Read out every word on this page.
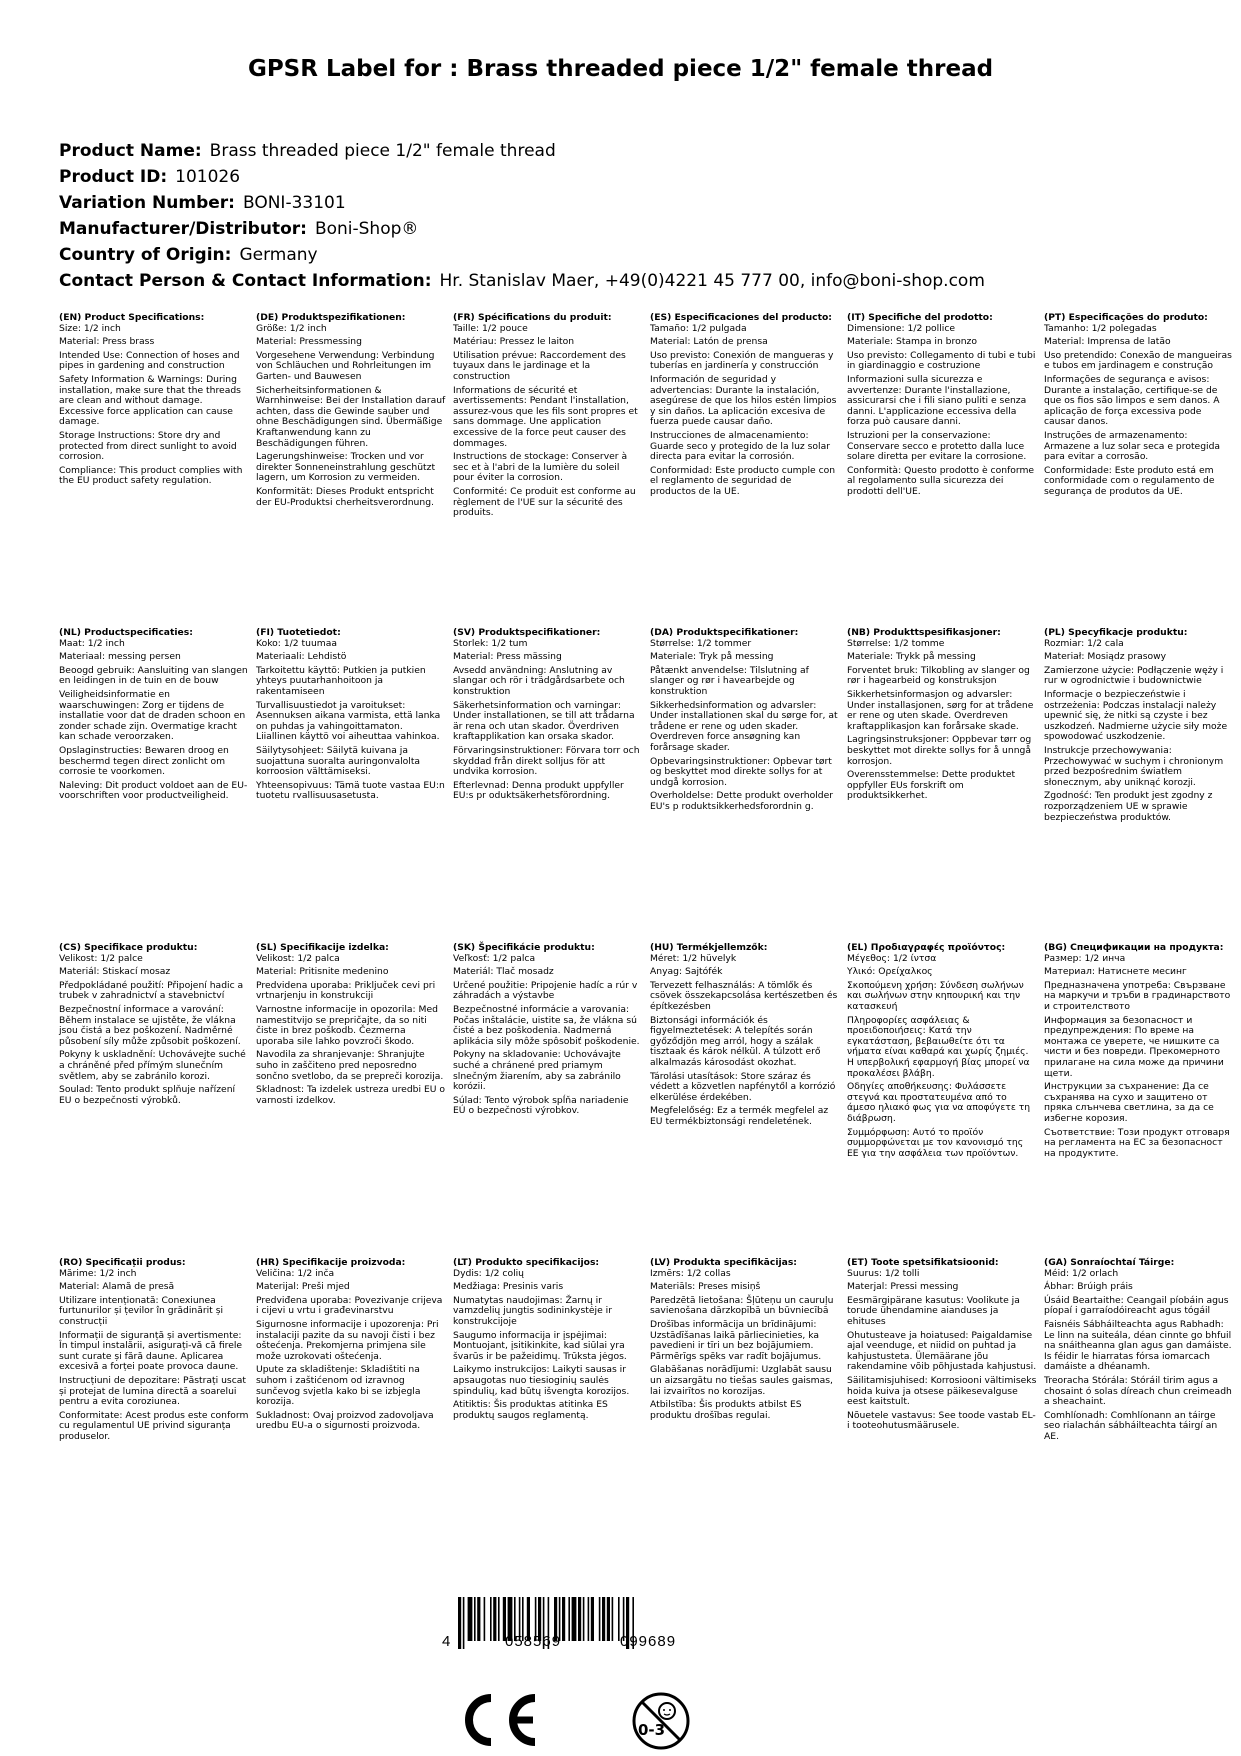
GPSR Label for : Brass threaded piece 1/2" female thread
Product Name: Brass threaded piece 1/2" female thread
Product ID: 101026
Variation Number: BONI-33101
Manufacturer/Distributor: Boni-Shop®
Country of Origin: Germany
Contact Person & Contact Information: Hr. Stanislav Maer, +49(0)4221 45 777 00, info@boni-shop.com
(EN) Product Specifications:
Size: 1/2 inch
Material: Press brass
Intended Use: Connection of hoses and pipes in gardening and construction
Safety Information & Warnings: During installation, make sure that the threads are clean and without damage. Excessive force application can cause damage.
Storage Instructions: Store dry and protected from direct sunlight to avoid corrosion.
Compliance: This product complies with the EU product safety regulation.
(DE) Produktspezifikationen:
Größe: 1/2 inch
Material: Pressmessing
Vorgesehene Verwendung: Verbindung von Schläuchen und Rohrleitungen im Garten- und Bauwesen
Sicherheitsinformationen & Warnhinweise: Bei der Installation darauf achten, dass die Gewinde sauber und ohne Beschädigungen sind. Übermäßige Kraftanwendung kann zu Beschädigungen führen.
Lagerungshinweise: Trocken und vor direkter Sonneneinstrahlung geschützt lagern, um Korrosion zu vermeiden.
Konformität: Dieses Produkt entspricht der EU-Produktsi cherheitsverordnung.
(FR) Spécifications du produit:
Taille: 1/2 pouce
Matériau: Pressez le laiton
Utilisation prévue: Raccordement des tuyaux dans le jardinage et la construction
Informations de sécurité et avertissements: Pendant l'installation, assurez-vous que les fils sont propres et sans dommage. Une application excessive de la force peut causer des dommages.
Instructions de stockage: Conserver à sec et à l'abri de la lumière du soleil pour éviter la corrosion.
Conformité: Ce produit est conforme au règlement de l'UE sur la sécurité des produits.
(ES) Especificaciones del producto:
Tamaño: 1/2 pulgada
Material: Latón de prensa
Uso previsto: Conexión de mangueras y tuberías en jardinería y construcción
Información de seguridad y advertencias: Durante la instalación, asegúrese de que los hilos estén limpios y sin daños. La aplicación excesiva de fuerza puede causar daño.
Instrucciones de almacenamiento: Guarde seco y protegido de la luz solar directa para evitar la corrosión.
Conformidad: Este producto cumple con el reglamento de seguridad de productos de la UE.
(IT) Specifiche del prodotto:
Dimensione: 1/2 pollice
Materiale: Stampa in bronzo
Uso previsto: Collegamento di tubi e tubi in giardinaggio e costruzione
Informazioni sulla sicurezza e avvertenze: Durante l'installazione, assicurarsi che i fili siano puliti e senza danni. L'applicazione eccessiva della forza può causare danni.
Istruzioni per la conservazione: Conservare secco e protetto dalla luce solare diretta per evitare la corrosione.
Conformità: Questo prodotto è conforme al regolamento sulla sicurezza dei prodotti dell'UE.
(PT) Especificações do produto:
Tamanho: 1/2 polegadas
Material: Imprensa de latão
Uso pretendido: Conexão de mangueiras e tubos em jardinagem e construção
Informações de segurança e avisos: Durante a instalação, certifique-se de que os fios são limpos e sem danos. A aplicação de força excessiva pode causar danos.
Instruções de armazenamento: Armazene a luz solar seca e protegida para evitar a corrosão.
Conformidade: Este produto está em conformidade com o regulamento de segurança de produtos da UE.
(NL) Productspecificaties:
Maat: 1/2 inch
Materiaal: messing persen
Beoogd gebruik: Aansluiting van slangen en leidingen in de tuin en de bouw
Veiligheidsinformatie en waarschuwingen: Zorg er tijdens de installatie voor dat de draden schoon en zonder schade zijn. Overmatige kracht kan schade veroorzaken.
Opslaginstructies: Bewaren droog en beschermd tegen direct zonlicht om corrosie te voorkomen.
Naleving: Dit product voldoet aan de EU-voorschriften voor productveiligheid.
(FI) Tuotetiedot:
Koko: 1/2 tuumaa
Materiaali: Lehdistö
Tarkoitettu käyttö: Putkien ja putkien yhteys puutarhanhoitoon ja rakentamiseen
Turvallisuustiedot ja varoitukset: Asennuksen aikana varmista, että lanka on puhdas ja vahingoittamaton. Liiallinen käyttö voi aiheuttaa vahinkoa.
Säilytysohjeet: Säilytä kuivana ja suojattuna suoralta auringonvalolta korroosion välttämiseksi.
Yhteensopivuus: Tämä tuote vastaa EU:n tuotetu rvallisuusasetusta.
(SV) Produktspecifikationer:
Storlek: 1/2 tum
Material: Press mässing
Avsedd användning: Anslutning av slangar och rör i trädgårdsarbete och konstruktion
Säkerhetsinformation och varningar: Under installationen, se till att trådarna är rena och utan skador. Överdriven kraftapplikation kan orsaka skador.
Förvaringsinstruktioner: Förvara torr och skyddad från direkt solljus för att undvika korrosion.
Efterlevnad: Denna produkt uppfyller EU:s pr oduktsäkerhetsförordning.
(DA) Produktspecifikationer:
Størrelse: 1/2 tommer
Materiale: Tryk på messing
Påtænkt anvendelse: Tilslutning af slanger og rør i havearbejde og konstruktion
Sikkerhedsinformation og advarsler: Under installationen skal du sørge for, at trådene er rene og uden skader. Overdreven force ansøgning kan forårsage skader.
Opbevaringsinstruktioner: Opbevar tørt og beskyttet mod direkte sollys for at undgå korrosion.
Overholdelse: Dette produkt overholder EU's p roduktsikkerhedsforordnin g.
(NB) Produkttspesifikasjoner:
Størrelse: 1/2 tomme
Materiale: Trykk på messing
Forventet bruk: Tilkobling av slanger og rør i hagearbeid og konstruksjon
Sikkerhetsinformasjon og advarsler: Under installasjonen, sørg for at trådene er rene og uten skade. Overdreven kraftapplikasjon kan forårsake skade.
Lagringsinstruksjoner: Oppbevar tørr og beskyttet mot direkte sollys for å unngå korrosjon.
Overensstemmelse: Dette produktet oppfyller EUs forskrift om produktsikkerhet.
(PL) Specyfikacje produktu:
Rozmiar: 1/2 cala
Materiał: Mosiądz prasowy
Zamierzone użycie: Podłączenie węży i rur w ogrodnictwie i budownictwie
Informacje o bezpieczeństwie i ostrzeżenia: Podczas instalacji należy upewnić się, że nitki są czyste i bez uszkodzeń. Nadmierne użycie siły może spowodować uszkodzenie.
Instrukcje przechowywania: Przechowywać w suchym i chronionym przed bezpośrednim światłem słonecznym, aby uniknąć korozji.
Zgodność: Ten produkt jest zgodny z rozporządzeniem UE w sprawie bezpieczeństwa produktów.
(CS) Specifikace produktu:
Velikost: 1/2 palce
Materiál: Stiskací mosaz
Předpokládané použití: Připojení hadic a trubek v zahradnictví a stavebnictví
Bezpečnostní informace a varování: Během instalace se ujistěte, že vlákna jsou čistá a bez poškození. Nadměrné působení síly může způsobit poškození.
Pokyny k uskladnění: Uchovávejte suché a chráněné před přímým slunečním světlem, aby se zabránilo korozi.
Soulad: Tento produkt splňuje nařízení EU o bezpečnosti výrobků.
(SL) Specifikacije izdelka:
Velikost: 1/2 palca
Material: Pritisnite medenino
Predvidena uporaba: Priključek cevi pri vrtnarjenju in konstrukciji
Varnostne informacije in opozorila: Med namestitvijo se prepričajte, da so niti čiste in brez poškodb. Čezmerna uporaba sile lahko povzroči škodo.
Navodila za shranjevanje: Shranjujte suho in zaščiteno pred neposredno sončno svetlobo, da se prepreči korozija.
Skladnost: Ta izdelek ustreza uredbi EU o varnosti izdelkov.
(SK) Špecifikácie produktu:
Veľkosť: 1/2 palca
Materiál: Tlač mosadz
Určené použitie: Pripojenie hadíc a rúr v záhradách a výstavbe
Bezpečnostné informácie a varovania: Počas inštalácie, uistite sa, že vlákna sú čisté a bez poškodenia. Nadmerná aplikácia sily môže spôsobiť poškodenie.
Pokyny na skladovanie: Uchovávajte suché a chránené pred priamym slnečným žiarením, aby sa zabránilo korózii.
Súlad: Tento výrobok spĺňa nariadenie EÚ o bezpečnosti výrobkov.
(HU) Termékjellemzők:
Méret: 1/2 hüvelyk
Anyag: Sajtófék
Tervezett felhasználás: A tömlők és csövek összekapcsolása kertészetben és építkezésben
Biztonsági információk és figyelmeztetések: A telepítés során győződjön meg arról, hogy a szálak tisztaak és károk nélkül. A túlzott erő alkalmazás károsodást okozhat.
Tárolási utasítások: Store száraz és védett a közvetlen napfénytől a korrózió elkerülése érdekében.
Megfelelőség: Ez a termék megfelel az EU termékbiztonsági rendeletének.
(EL) Προδιαγραφές προϊόντος:
Μέγεθος: 1/2 ίντσα
Υλικό: Ορείχαλκος
Σκοπούμενη χρήση: Σύνδεση σωλήνων και σωλήνων στην κηπουρική και την κατασκευή
Πληροφορίες ασφάλειας & προειδοποιήσεις: Κατά την εγκατάσταση, βεβαιωθείτε ότι τα νήματα είναι καθαρά και χωρίς ζημιές. Η υπερβολική εφαρμογή βίας μπορεί να προκαλέσει βλάβη.
Οδηγίες αποθήκευσης: Φυλάσσετε στεγνά και προστατευμένα από το άμεσο ηλιακό φως για να αποφύγετε τη διάβρωση.
Συμμόρφωση: Αυτό το προϊόν συμμορφώνεται με τον κανονισμό της ΕΕ για την ασφάλεια των προϊόντων.
(BG) Спецификации на продукта:
Размер: 1/2 инча
Материал: Натиснете месинг
Предназначена употреба: Свързване на маркучи и тръби в градинарството и строителството
Информация за безопасност и предупреждения: По време на монтажа се уверете, че нишките са чисти и без повреди. Прекомерното прилагане на сила може да причини щети.
Инструкции за съхранение: Да се съхранява на сухо и защитено от пряка слънчева светлина, за да се избегне корозия.
Съответствие: Този продукт отговаря на регламента на ЕС за безопасност на продуктите.
(RO) Specificații produs:
Mărime: 1/2 inch
Material: Alamă de presă
Utilizare intenționată: Conexiunea furtunurilor și țevilor în grădinărit și construcții
Informații de siguranță și avertismente: În timpul instalării, asigurați-vă că firele sunt curate și fără daune. Aplicarea excesivă a forței poate provoca daune.
Instrucțiuni de depozitare: Păstrați uscat și protejat de lumina directă a soarelui pentru a evita coroziunea.
Conformitate: Acest produs este conform cu regulamentul UE privind siguranța produselor.
(HR) Specifikacije proizvoda:
Veličina: 1/2 inča
Materijal: Preši mjed
Predviđena uporaba: Povezivanje crijeva i cijevi u vrtu i građevinarstvu
Sigurnosne informacije i upozorenja: Pri instalaciji pazite da su navoji čisti i bez oštećenja. Prekomjerna primjena sile može uzrokovati oštećenja.
Upute za skladištenje: Skladištiti na suhom i zaštićenom od izravnog sunčevog svjetla kako bi se izbjegla korozija.
Sukladnost: Ovaj proizvod zadovoljava uredbu EU-a o sigurnosti proizvoda.
(LT) Produkto specifikacijos:
Dydis: 1/2 colių
Medžiaga: Presinis varis
Numatytas naudojimas: Žarnų ir vamzdelių jungtis sodininkystėje ir konstrukcijoje
Saugumo informacija ir įspėjimai: Montuojant, įsitikinkite, kad siūlai yra švarūs ir be pažeidimų. Trūksta jėgos.
Laikymo instrukcijos: Laikyti sausas ir apsaugotas nuo tiesioginių saulės spindulių, kad būtų išvengta korozijos.
Atitiktis: Šis produktas atitinka ES produktų saugos reglamentą.
(LV) Produkta specifikācijas:
Izmērs: 1/2 collas
Materiāls: Preses misiņš
Paredzētā lietošana: Šļūteņu un cauruļu savienošana dārzkopībā un būvniecībā
Drošības informācija un brīdinājumi: Uzstādīšanas laikā pārliecinieties, ka pavedieni ir tīri un bez bojājumiem. Pārmērīgs spēks var radīt bojājumus.
Glabāšanas norādījumi: Uzglabāt sausu un aizsargātu no tiešas saules gaismas, lai izvairītos no korozijas.
Atbilstība: Šis produkts atbilst ES produktu drošības regulai.
(ET) Toote spetsifikatsioonid:
Suurus: 1/2 tolli
Materjal: Pressi messing
Eesmärgipärane kasutus: Voolikute ja torude ühendamine aianduses ja ehituses
Ohutusteave ja hoiatused: Paigaldamise ajal veenduge, et niidid on puhtad ja kahjustusteta. Ülemäärane jõu rakendamine võib põhjustada kahjustusi.
Säilitamisjuhised: Korrosiooni vältimiseks hoida kuiva ja otsese päikesevalguse eest kaitstult.
Nõuetele vastavus: See toode vastab EL-i tooteohutusmäärusele.
(GA) Sonraíochtaí Táirge:
Méid: 1/2 orlach
Ábhar: Brúigh práis
Úsáid Beartaithe: Ceangail píobáin agus píopaí i garraíodóireacht agus tógáil
Faisnéis Sábháilteachta agus Rabhadh: Le linn na suiteála, déan cinnte go bhfuil na snáitheanna glan agus gan damáiste. Is féidir le hiarratas fórsa iomarcach damáiste a dhéanamh.
Treoracha Stórála: Stóráil tirim agus a chosaint ó solas díreach chun creimeadh a sheachaint.
Comhlíonadh: Comhlíonann an táirge seo rialachán sábháilteachta táirgí an AE.
4	058569	099689
0-3
